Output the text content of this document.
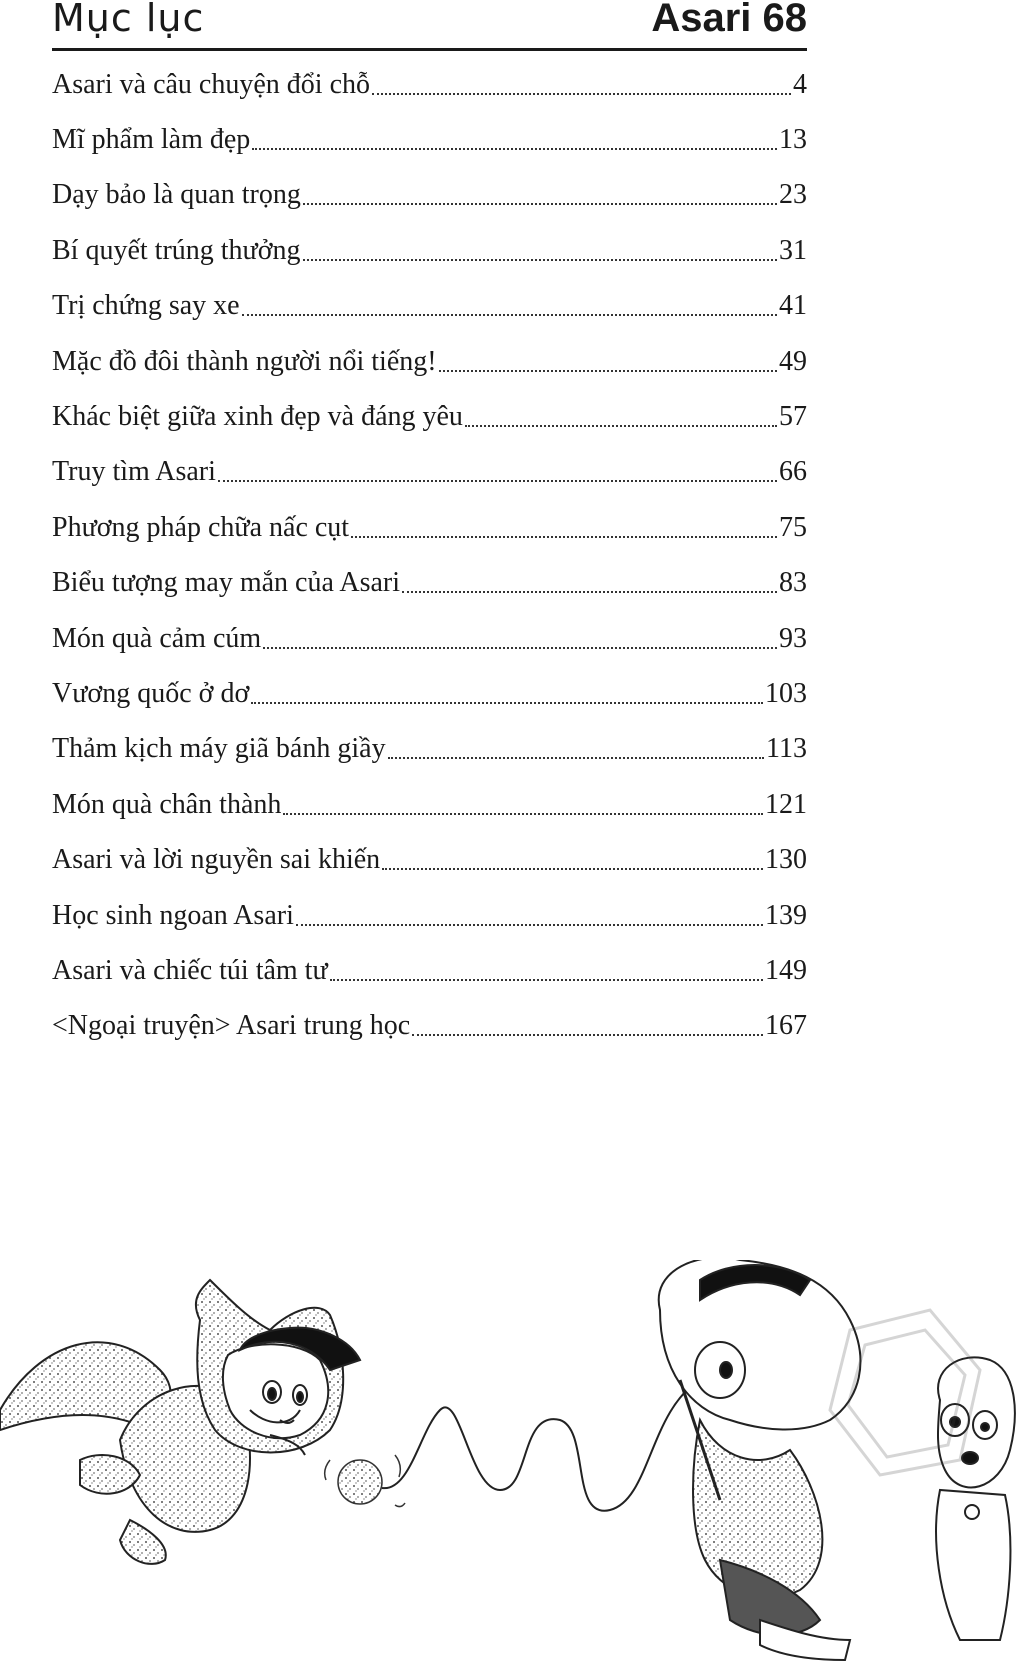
Mục lục	Asari 68
Asari và câu chuyện đổi chỗ	4
Mĩ phẩm làm đẹp	13
Dạy bảo là quan trọng	23
Bí quyết trúng thưởng	31
Trị chứng say xe	41
Mặc đồ đôi thành người nổi tiếng!	49
Khác biệt giữa xinh đẹp và đáng yêu	57
Truy tìm Asari	66
Phương pháp chữa nấc cụt	75
Biểu tượng may mắn của Asari	83
Món quà cảm cúm	93
Vương quốc ở dơ	103
Thảm kịch máy giã bánh giầy	113
Món quà chân thành	121
Asari và lời nguyền sai khiến	130
Học sinh ngoan Asari	139
Asari và chiếc túi tâm tư	149
<Ngoại truyện> Asari trung học	167
